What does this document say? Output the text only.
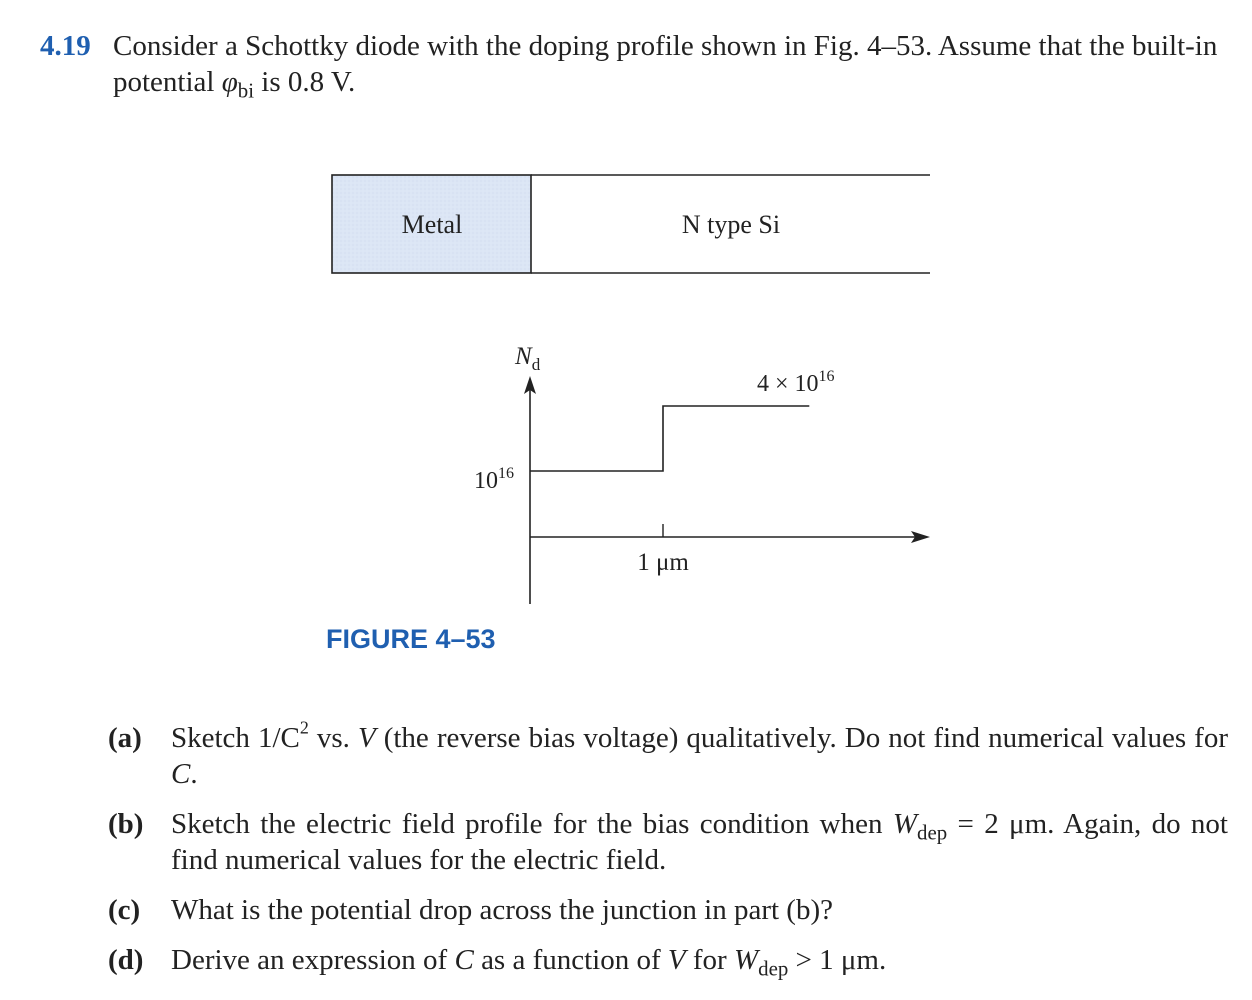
4.19 Consider a Schottky diode with the doping profile shown in Fig. 4–53. Assume that the built-in potential $\varphi_{bi}$ is 0.8 V.
Metal	N type Si
$N_d$
$10^{16}$
$4 \times 10^{16}$
1 μm
FIGURE 4–53
(a) Sketch $1/C^2$ vs. V (the reverse bias voltage) qualitatively. Do not find numerical values for C.
(b) Sketch the electric field profile for the bias condition when $W_{dep} = 2$ μm. Again, do not find numerical values for the electric field.
(c) What is the potential drop across the junction in part (b)?
(d) Derive an expression of C as a function of V for $W_{dep} > 1$ μm.
